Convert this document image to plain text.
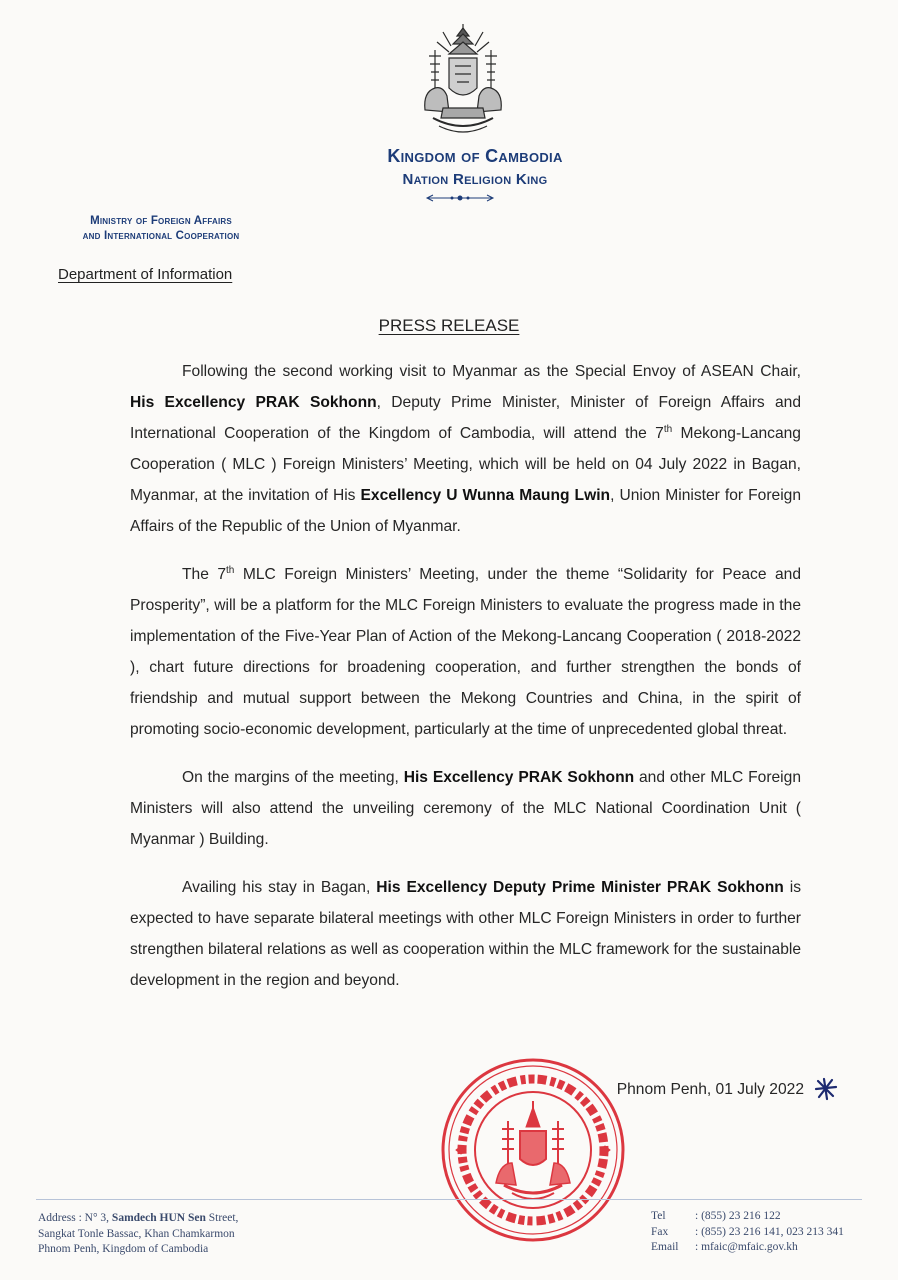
Kingdom of Cambodia
Nation Religion King
Ministry of Foreign Affairs
and International Cooperation
Department of Information
PRESS RELEASE

Following the second working visit to Myanmar as the Special Envoy of ASEAN Chair, His Excellency PRAK Sokhonn, Deputy Prime Minister, Minister of Foreign Affairs and International Cooperation of the Kingdom of Cambodia, will attend the 7th Mekong-Lancang Cooperation ( MLC ) Foreign Ministers’ Meeting, which will be held on 04 July 2022 in Bagan, Myanmar, at the invitation of His Excellency U Wunna Maung Lwin, Union Minister for Foreign Affairs of the Republic of the Union of Myanmar.

The 7th MLC Foreign Ministers’ Meeting, under the theme “Solidarity for Peace and Prosperity”, will be a platform for the MLC Foreign Ministers to evaluate the progress made in the implementation of the Five-Year Plan of Action of the Mekong-Lancang Cooperation ( 2018-2022 ), chart future directions for broadening cooperation, and further strengthen the bonds of friendship and mutual support between the Mekong Countries and China, in the spirit of promoting socio-economic development, particularly at the time of unprecedented global threat.

On the margins of the meeting, His Excellency PRAK Sokhonn and other MLC Foreign Ministers will also attend the unveiling ceremony of the MLC National Coordination Unit ( Myanmar ) Building.

Availing his stay in Bagan, His Excellency Deputy Prime Minister PRAK Sokhonn is expected to have separate bilateral meetings with other MLC Foreign Ministers in order to further strengthen bilateral relations as well as cooperation within the MLC framework for the sustainable development in the region and beyond.

Phnom Penh, 01 July 2022
Address : N° 3, Samdech HUN Sen Street,
Sangkat Tonle Bassac, Khan Chamkarmon
Phnom Penh, Kingdom of Cambodia
Tel	: (855) 23 216 122
Fax : (855) 23 216 141, 023 213 341
Email : mfaic@mfaic.gov.kh
